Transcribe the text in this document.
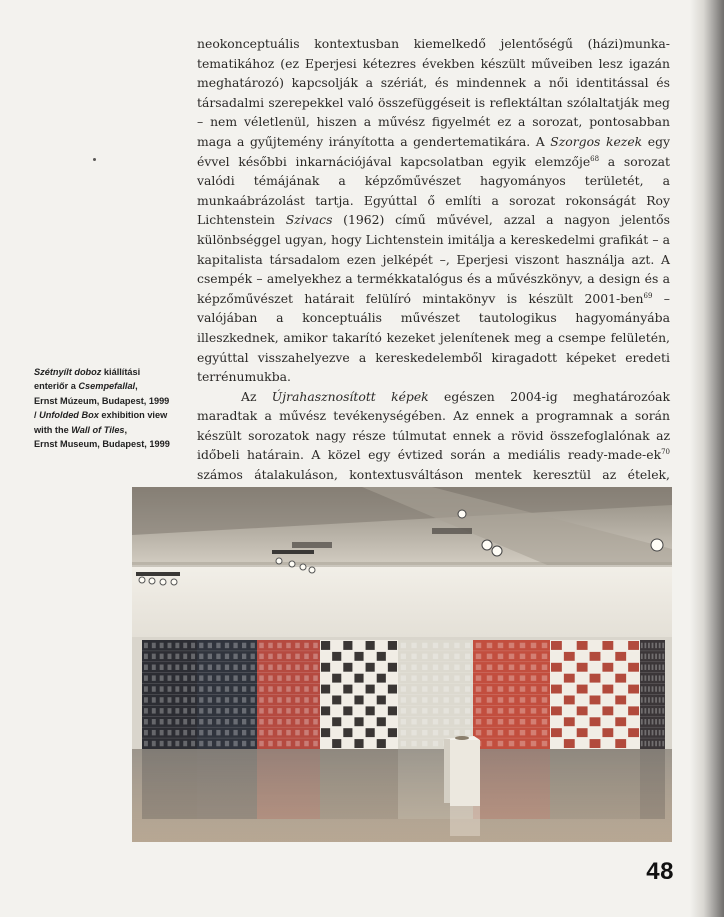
neokonceptuális kontextusban kiemelkedő jelentőségű (házi)munka-tematikához (ez Eperjesi kétezres években készült műveiben lesz igazán meghatározó) kapcsolják a szériát, és mindennek a női identitással és társadalmi szerepekkel való összefüggéseit is reflektáltan szólaltatják meg – nem véletlenül, hiszen a művész figyelmét ez a sorozat, pontosabban maga a gyűjtemény irányította a gendertematikára. A Szorgos kezek egy évvel későbbi inkarnációjával kapcsolatban egyik elemzője$^{68}$ a sorozat valódi témájának a képzőművészet hagyományos területét, a munkaábrázolást tartja. Egyúttal ő említi a sorozat rokonságát Roy Lichtenstein Szivacs (1962) című művével, azzal a nagyon jelentős különbséggel ugyan, hogy Lichtenstein imitálja a kereskedelmi grafikát – a kapitalista társadalom ezen jelképét –, Eperjesi viszont használja azt. A csempék – amelyekhez a termékkatalógus és a művészkönyv, a design és a képzőművészet határait felülíró mintakönyv is készült 2001-ben$^{69}$ – valójában a konceptuális művészet tautologikus hagyományába illeszkednek, amikor takarító kezeket jelenítenek meg a csempe felületén, egyúttal visszahelyezve a kereskedelemből kiragadott képeket eredeti terrénumukba.

Az Újrahasznosított képek egészen 2004-ig meghatározóak maradtak a művész tevékenységében. Az ennek a programnak a során készült sorozatok nagy része túlmutat ennek a rövid összefoglalónak az időbeli határain. A közel egy évtized során a mediális ready-$made-ek^{70}$ számos átalakuláson, kontextusváltáson mentek keresztül az ételek,

Szétnyílt doboz kiállítási
enteriőr a Csempefallal,
Ernst Múzeum, Budapest, 1999
/ Unfolded Box exhibition view
with the Wall of Tiles,
Ernst Museum, Budapest, 1999
48
